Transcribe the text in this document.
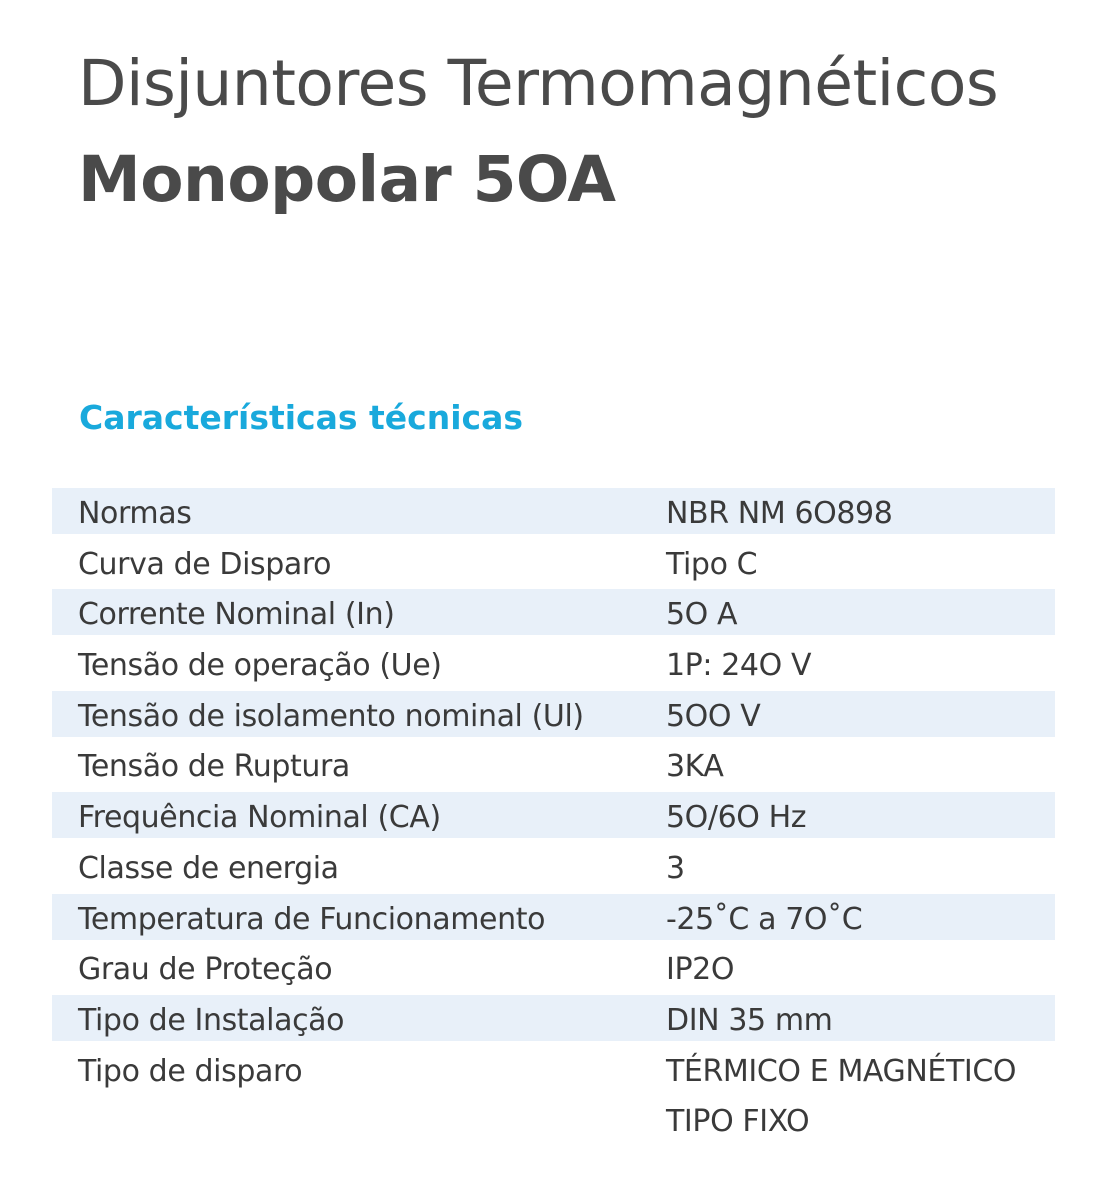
Disjuntores Termomagnéticos
Monopolar 5OA
Características técnicas
Normas	NBR NM 6O898
Curva de Disparo	Tipo C
Corrente Nominal (In)	5O A
Tensão de operação (Ue)	1P: 24O V
Tensão de isolamento nominal (Ul)	5OO V
Tensão de Ruptura	3KA
Frequência Nominal (CA)	5O/6O Hz
Classe de energia	3
Temperatura de Funcionamento	-25˚C a 7O˚C
Grau de Proteção	IP2O
Tipo de Instalação	DIN 35 mm
Tipo de disparo	TÉRMICO E MAGNÉTICO
TIPO FIXO
